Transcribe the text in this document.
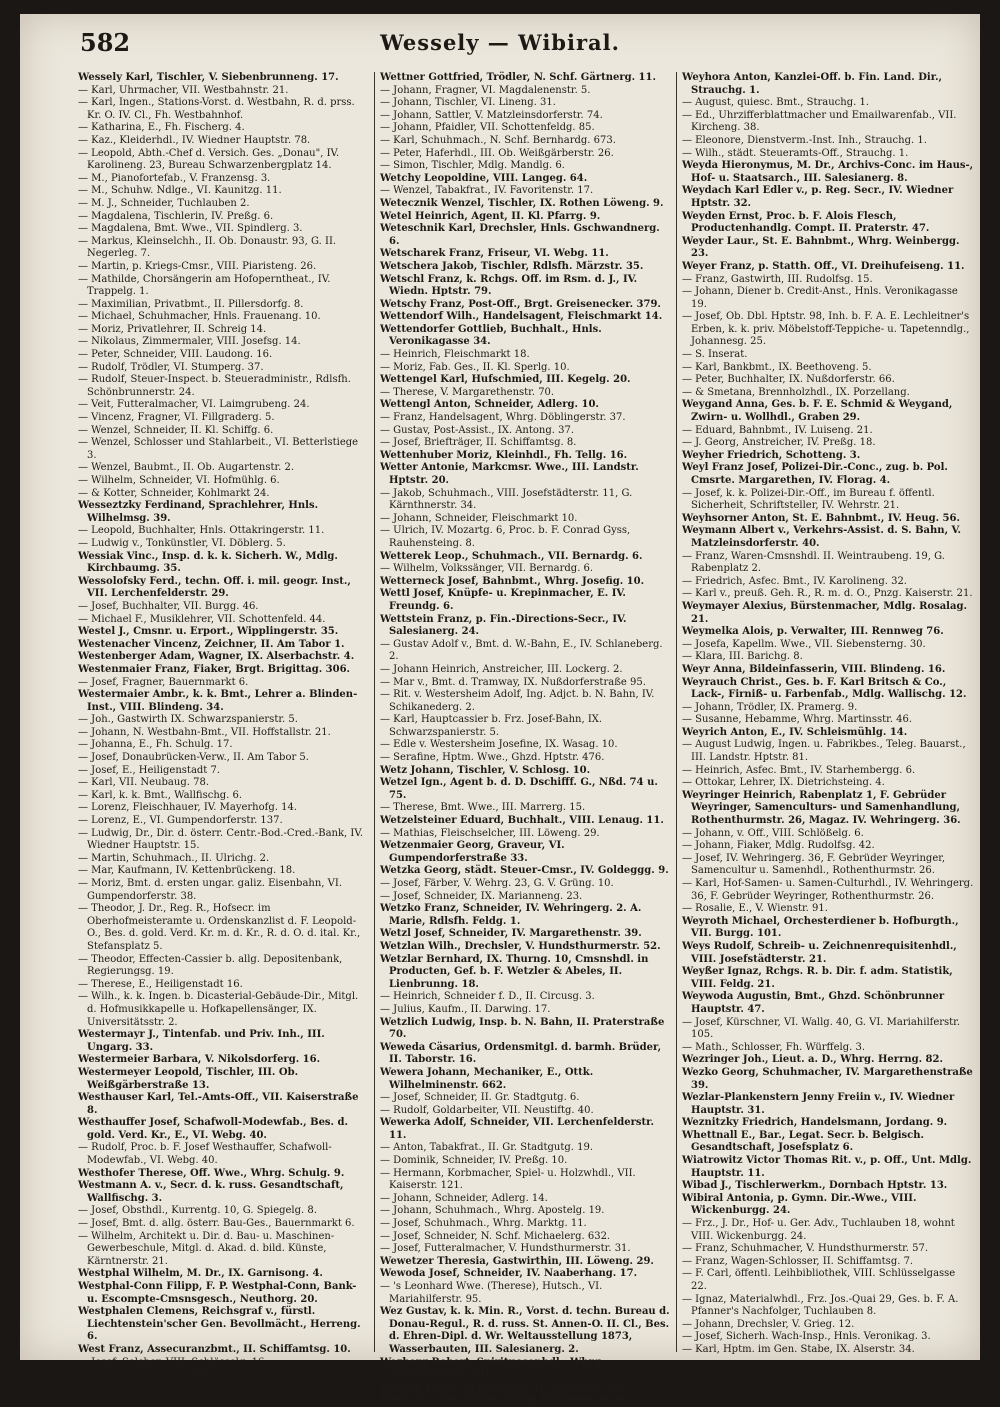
582	Wessely — Wibiral.

Wessely Karl, Tischler, V. Siebenbrunneng. 17.

— Karl, Uhrmacher, VII. Westbahnstr. 21.

— Karl, Ingen., Stations-Vorst. d. Westbahn, R. d. prss. Kr. O. IV. Cl., Fh. Westbahnhof.

— Katharina, E., Fh. Fischerg. 4.

— Kaz., Kleiderhdl., IV. Wiedner Hauptstr. 78.

— Leopold, Abth.-Chef d. Versich. Ges. „Donau", IV. Karolineng. 23, Bureau Schwarzenbergplatz 14.

— M., Pianofortefab., V. Franzensg. 3.

— M., Schuhw. Ndlge., VI. Kaunitzg. 11.

— M. J., Schneider, Tuchlauben 2.

— Magdalena, Tischlerin, IV. Preßg. 6.

— Magdalena, Bmt. Wwe., VII. Spindlerg. 3.

— Markus, Kleinselchh., II. Ob. Donaustr. 93, G. II. Negerleg. 7.

— Martin, p. Kriegs-Cmsr., VIII. Piaristeng. 26.

— Mathilde, Chorsängerin am Hofoperntheat., IV. Trappelg. 1.

— Maximilian, Privatbmt., II. Pillersdorfg. 8.

— Michael, Schuhmacher, Hnls. Frauenang. 10.

— Moriz, Privatlehrer, II. Schreig 14.

— Nikolaus, Zimmermaler, VIII. Josefsg. 14.

— Peter, Schneider, VIII. Laudong. 16.

— Rudolf, Trödler, VI. Stumperg. 37.

— Rudolf, Steuer-Inspect. b. Steueradministr., Rdlsfh. Schönbrunnerstr. 24.

— Veit, Futteralmacher, VI. Laimgrubeng. 24.

— Vincenz, Fragner, VI. Fillgraderg. 5.

— Wenzel, Schneider, II. Kl. Schiffg. 6.

— Wenzel, Schlosser und Stahlarbeit., VI. Betterlstiege 3.

— Wenzel, Baubmt., II. Ob. Augartenstr. 2.

— Wilhelm, Schneider, VI. Hofmühlg. 6.

— & Kotter, Schneider, Kohlmarkt 24.

Wesseztzky Ferdinand, Sprachlehrer, Hnls. Wilhelmsg. 39.

— Leopold, Buchhalter, Hnls. Ottakringerstr. 11.

— Ludwig v., Tonkünstler, VI. Döblerg. 5.

Wessiak Vinc., Insp. d. k. k. Sicherh. W., Mdlg. Kirchbaumg. 35.

Wessolofsky Ferd., techn. Off. i. mil. geogr. Inst., VII. Lerchenfelderstr. 29.

— Josef, Buchhalter, VII. Burgg. 46.

— Michael F., Musiklehrer, VII. Schottenfeld. 44.

Westel J., Cmsnr. u. Erport., Wipplingerstr. 35.

Westenacher Vincenz, Zeichner, II. Am Tabor 1.

Westenberger Adam, Wagner, IX. Alserbachstr. 4.

Westenmaier Franz, Fiaker, Brgt. Brigittag. 306.

— Josef, Fragner, Bauernmarkt 6.

Westermaier Ambr., k. k. Bmt., Lehrer a. Blinden-Inst., VIII. Blindeng. 34.

— Joh., Gastwirth IX. Schwarzspanierstr. 5.

— Johann, N. Westbahn-Bmt., VII. Hoffstallstr. 21.

— Johanna, E., Fh. Schulg. 17.

— Josef, Donaubrücken-Verw., II. Am Tabor 5.

— Josef, E., Heiligenstadt 7.

— Karl, VII. Neubaug. 78.

— Karl, k. k. Bmt., Wallfischg. 6.

— Lorenz, Fleischhauer, IV. Mayerhofg. 14.

— Lorenz, E., VI. Gumpendorferstr. 137.

— Ludwig, Dr., Dir. d. österr. Centr.-Bod.-Cred.-Bank, IV. Wiedner Hauptstr. 15.

— Martin, Schuhmach., II. Ulrichg. 2.

— Mar, Kaufmann, IV. Kettenbrückeng. 18.

— Moriz, Bmt. d. ersten ungar. galiz. Eisenbahn, VI. Gumpendorferstr. 38.

— Theodor, J. Dr., Reg. R., Hofsecr. im Oberhofmeisteramte u. Ordenskanzlist d. F. Leopold-O., Bes. d. gold. Verd. Kr. m. d. Kr., R. d. O. d. ital. Kr., Stefansplatz 5.

— Theodor, Effecten-Cassier b. allg. Depositenbank, Regierungsg. 19.

— Therese, E., Heiligenstadt 16.

— Wilh., k. k. Ingen. b. Dicasterial-Gebäude-Dir., Mitgl. d. Hofmusikkapelle u. Hofkapellensänger, IX. Universitätsstr. 2.

Westermayr J., Tintenfab. und Priv. Inh., III. Ungarg. 33.

Westermeier Barbara, V. Nikolsdorferg. 16.

Westermeyer Leopold, Tischler, III. Ob. Weißgärberstraße 13.

Westhauser Karl, Tel.-Amts-Off., VII. Kaiserstraße 8.

Westhauffer Josef, Schafwoll-Modewfab., Bes. d. gold. Verd. Kr., E., VI. Webg. 40.

— Rudolf, Proc. b. F. Josef Westhauffer, Schafwoll-Modewfab., VI. Webg. 40.

Westhofer Therese, Off. Wwe., Whrg. Schulg. 9.

Westmann A. v., Secr. d. k. russ. Gesandtschaft, Wallfischg. 3.

— Josef, Obsthdl., Kurrentg. 10, G. Spiegelg. 8.

— Josef, Bmt. d. allg. österr. Bau-Ges., Bauernmarkt 6.

— Wilhelm, Architekt u. Dir. d. Bau- u. Maschinen-Gewerbeschule, Mitgl. d. Akad. d. bild. Künste, Kärntnerstr. 21.

Westphal Wilhelm, M. Dr., IX. Garnisong. 4.

Westphal-Conn Filipp, F. P. Westphal-Conn, Bank- u. Escompte-Cmsnsgesch., Neuthorg. 20.

Westphalen Clemens, Reichsgraf v., fürstl. Liechtenstein'scher Gen. Bevollmächt., Herreng. 6.

West Franz, Assecuranzbmt., II. Schiffamtsg. 10.

— Josef, Selcher, VIII. Schlösselg. 16.

— Therese, E., II. Schiffamtsg. 10.

Wettner Gottfried, Trödler, N. Schf. Gärtnerg. 11.

— Johann, Fragner, VI. Magdalenenstr. 5.

— Johann, Tischler, VI. Lineng. 31.

— Johann, Sattler, V. Matzleinsdorferstr. 74.

— Johann, Pfaidler, VII. Schottenfeldg. 85.

— Karl, Schuhmach., N. Schf. Bernhardg. 673.

— Peter, Haferhdl., III. Ob. Weißgärberstr. 26.

— Simon, Tischler, Mdlg. Mandlg. 6.

Wetchy Leopoldine, VIII. Langeg. 64.

— Wenzel, Tabakfrat., IV. Favoritenstr. 17.

Wetecznik Wenzel, Tischler, IX. Rothen Löweng. 9.

Wetel Heinrich, Agent, II. Kl. Pfarrg. 9.

Weteschnik Karl, Drechsler, Hnls. Gschwandnerg. 6.

Wetscharek Franz, Friseur, VI. Webg. 11.

Wetschera Jakob, Tischler, Rdlsfh. Märzstr. 35.

Wetschl Franz, k. Rchgs. Off. im Rsm. d. J., IV. Wiedn. Hptstr. 79.

Wetschy Franz, Post-Off., Brgt. Greisenecker. 379.

Wettendorf Wilh., Handelsagent, Fleischmarkt 14.

Wettendorfer Gottlieb, Buchhalt., Hnls. Veronikagasse 34.

— Heinrich, Fleischmarkt 18.

— Moriz, Fab. Ges., II. Kl. Sperlg. 10.

Wettengel Karl, Hufschmied, III. Kegelg. 20.

— Therese, V. Margarethenstr. 70.

Wettengl Anton, Schneider, Adlerg. 10.

— Franz, Handelsagent, Whrg. Döblingerstr. 37.

— Gustav, Post-Assist., IX. Antong. 37.

— Josef, Briefträger, II. Schiffamtsg. 8.

Wettenhuber Moriz, Kleinhdl., Fh. Tellg. 16.

Wetter Antonie, Markcmsr. Wwe., III. Landstr. Hptstr. 20.

— Jakob, Schuhmach., VIII. Josefstädterstr. 11, G. Kärnthnerstr. 34.

— Johann, Schneider, Fleischmarkt 10.

— Ulrich, IV. Mozartg. 6, Proc. b. F. Conrad Gyss, Rauhensteing. 8.

Wetterek Leop., Schuhmach., VII. Bernardg. 6.

— Wilhelm, Volkssänger, VII. Bernardg. 6.

Wetterneck Josef, Bahnbmt., Whrg. Josefig. 10.

Wettl Josef, Knüpfe- u. Krepinmacher, E. IV. Freundg. 6.

Wettstein Franz, p. Fin.-Directions-Secr., IV. Salesianerg. 24.

— Gustav Adolf v., Bmt. d. W.-Bahn, E., IV. Schlaneberg. 2.

— Johann Heinrich, Anstreicher, III. Lockerg. 2.

— Mar v., Bmt. d. Tramway, IX. Nußdorferstraße 95.

— Rit. v. Westersheim Adolf, Ing. Adjct. b. N. Bahn, IV. Schikanederg. 2.

— Karl, Hauptcassier b. Frz. Josef-Bahn, IX. Schwarzspanierstr. 5.

— Edle v. Westersheim Josefine, IX. Wasag. 10.

— Serafine, Hptm. Wwe., Ghzd. Hptstr. 476.

Wetz Johann, Tischler, V. Schlosg. 10.

Wetzel Ign., Agent b. d. D. Dschifff. G., Nßd. 74 u. 75.

— Therese, Bmt. Wwe., III. Marrerg. 15.

Wetzelsteiner Eduard, Buchhalt., VIII. Lenaug. 11.

— Mathias, Fleischselcher, III. Löweng. 29.

Wetzenmaier Georg, Graveur, VI. Gumpendorferstraße 33.

Wetzka Georg, städt. Steuer-Cmsr., IV. Goldeggg. 9.

— Josef, Färber, V. Wehrg. 23, G. V. Grüng. 10.

— Josef, Schneider, IX. Marianneng. 23.

Wetzko Franz, Schneider, IV. Wehringerg. 2. A. Marie, Rdlsfh. Feldg. 1.

Wetzl Josef, Schneider, IV. Margarethenstr. 39.

Wetzlan Wilh., Drechsler, V. Hundsthurmerstr. 52.

Wetzlar Bernhard, IX. Thurng. 10, Cmsnshdl. in Producten, Gef. b. F. Wetzler & Abeles, II. Lienbrunng. 18.

— Heinrich, Schneider f. D., II. Circusg. 3.

— Julius, Kaufm., II. Darwing. 17.

Wetzlich Ludwig, Insp. b. N. Bahn, II. Praterstraße 70.

Weweda Cäsarius, Ordensmitgl. d. barmh. Brüder, II. Taborstr. 16.

Wewera Johann, Mechaniker, E., Ottk. Wilhelminenstr. 662.

— Josef, Schneider, II. Gr. Stadtgutg. 6.

— Rudolf, Goldarbeiter, VII. Neustiftg. 40.

Wewerka Adolf, Schneider, VII. Lerchenfelderstr. 11.

— Anton, Tabakfrat., II. Gr. Stadtgutg. 19.

— Dominik, Schneider, IV. Preßg. 10.

— Hermann, Korbmacher, Spiel- u. Holzwhdl., VII. Kaiserstr. 121.

— Johann, Schneider, Adlerg. 14.

— Johann, Schuhmach., Whrg. Apostelg. 19.

— Josef, Schuhmach., Whrg. Marktg. 11.

— Josef, Schneider, N. Schf. Michaelerg. 632.

— Josef, Futteralmacher, V. Hundsthurmerstr. 31.

Wewetzer Theresia, Gastwirthin, III. Löweng. 29.

Wewoda Josef, Schneider, IV. Naaberhang. 17.

— 's Leonhard Wwe. (Therese), Hutsch., VI. Mariahilferstr. 95.

Wez Gustav, k. k. Min. R., Vorst. d. techn. Bureau d. Donau-Regul., R. d. russ. St. Annen-O. II. Cl., Bes. d. Ehren-Dipl. d. Wr. Weltausstellung 1873, Wasserbauten, III. Salesianerg. 2.

Wezberg Robert, Spirituosenhdl., Whrg. Martinsstraße 21.

Weyder Franz, Schneider f. D., Wollzeile 30.

Weyand Julius, Maler, Mdlg. Wilhelmsstr. 64.

Weyhora Anton, Kanzlei-Off. b. Fin. Land. Dir., Strauchg. 1.

— August, quiesc. Bmt., Strauchg. 1.

— Ed., Uhrzifferblattmacher und Emailwarenfab., VII. Kircheng. 38.

— Eleonore, Dienstverm.-Inst. Inh., Strauchg. 1.

— Wilh., städt. Steueramts-Off., Strauchg. 1.

Weyda Hieronymus, M. Dr., Archivs-Conc. im Haus-, Hof- u. Staatsarch., III. Salesianerg. 8.

Weydach Karl Edler v., p. Reg. Secr., IV. Wiedner Hptstr. 32.

Weyden Ernst, Proc. b. F. Alois Flesch, Productenhandlg. Compt. II. Praterstr. 47.

Weyder Laur., St. E. Bahnbmt., Whrg. Weinbergg. 23.

Weyer Franz, p. Statth. Off., VI. Dreihufeiseng. 11.

— Franz, Gastwirth, III. Rudolfsg. 15.

— Johann, Diener b. Credit-Anst., Hnls. Veronikagasse 19.

— Josef, Ob. Dbl. Hptstr. 98, Inh. b. F. A. E. Lechleitner's Erben, k. k. priv. Möbelstoff-Teppiche- u. Tapetenndlg., Johannesg. 25.

— S. Inserat.

— Karl, Bankbmt., IX. Beethoveng. 5.

— Peter, Buchhalter, IX. Nußdorferstr. 66.

— & Smetana, Brennholzhdl., IX. Porzellang.

Weygand Anna, Ges. b. F. E. Schmid & Weygand, Zwirn- u. Wollhdl., Graben 29.

— Eduard, Bahnbmt., IV. Luiseng. 21.

— J. Georg, Anstreicher, IV. Preßg. 18.

Weyher Friedrich, Schotteng. 3.

Weyl Franz Josef, Polizei-Dir.-Conc., zug. b. Pol. Cmsrte. Margarethen, IV. Florag. 4.

— Josef, k. k. Polizei-Dir.-Off., im Bureau f. öffentl. Sicherheit, Schriftsteller, IV. Wehrstr. 21.

Weyhsorner Anton, St. E. Bahnbmt., IV. Heug. 56.

Weymann Albert v., Verkehrs-Assist. d. S. Bahn, V. Matzleinsdorferstr. 40.

— Franz, Waren-Cmsnshdl. II. Weintraubeng. 19, G. Rabenplatz 2.

— Friedrich, Asfec. Bmt., IV. Karolineng. 32.

— Karl v., preuß. Geh. R., R. m. d. O., Pnzg. Kaiserstr. 21.

Weymayer Alexius, Bürstenmacher, Mdlg. Rosalag. 21.

Weymelka Alois, p. Verwalter, III. Rennweg 76.

— Josefa, Kapellm. Wwe., VII. Siebensterng. 30.

— Klara, III. Barichg. 8.

Weyr Anna, Bildeinfasserin, VIII. Blindeng. 16.

Weyrauch Christ., Ges. b. F. Karl Britsch & Co., Lack-, Firniß- u. Farbenfab., Mdlg. Wallischg. 12.

— Johann, Trödler, IX. Pramerg. 9.

— Susanne, Hebamme, Whrg. Martinsstr. 46.

Weyrich Anton, E., IV. Schleismühlg. 14.

— August Ludwig, Ingen. u. Fabrikbes., Teleg. Bauarst., III. Landstr. Hptstr. 81.

— Heinrich, Asfec. Bmt., IV. Starhembergg. 6.

— Ottokar, Lehrer, IX. Dietrichsteing. 4.

Weyringer Heinrich, Rabenplatz 1, F. Gebrüder Weyringer, Samenculturs- und Samenhandlung, Rothenthurmstr. 26, Magaz. IV. Wehringerg. 36.

— Johann, v. Off., VIII. Schlößelg. 6.

— Johann, Fiaker, Mdlg. Rudolfsg. 42.

— Josef, IV. Wehringerg. 36, F. Gebrüder Weyringer, Samencultur u. Samenhdl., Rothenthurmstr. 26.

— Karl, Hof-Samen- u. Samen-Culturhdl., IV. Wehringerg. 36, F. Gebrüder Weyringer, Rothenthurmstr. 26.

— Rosalie, E., V. Wienstr. 91.

Weyroth Michael, Orchesterdiener b. Hofburgth., VII. Burgg. 101.

Weys Rudolf, Schreib- u. Zeichnenrequisitenhdl., VIII. Josefstädterstr. 21.

Weyßer Ignaz, Rchgs. R. b. Dir. f. adm. Statistik, VIII. Feldg. 21.

Weywoda Augustin, Bmt., Ghzd. Schönbrunner Hauptstr. 47.

— Josef, Kürschner, VI. Wallg. 40, G. VI. Mariahilferstr. 105.

— Math., Schlosser, Fh. Würffelg. 3.

Wezringer Joh., Lieut. a. D., Whrg. Herrng. 82.

Wezko Georg, Schuhmacher, IV. Margarethenstraße 39.

Wezlar-Plankenstern Jenny Freiin v., IV. Wiedner Hauptstr. 31.

Weznitzky Friedrich, Handelsmann, Jordang. 9.

Whettnall E., Bar., Legat. Secr. b. Belgisch. Gesandtschaft, Josefsplatz 6.

Wiatrowitz Victor Thomas Rit. v., p. Off., Unt. Mdlg. Hauptstr. 11.

Wibad J., Tischlerwerkm., Dornbach Hptstr. 13.

Wibiral Antonia, p. Gymn. Dir.-Wwe., VIII. Wickenburgg. 24.

— Frz., J. Dr., Hof- u. Ger. Adv., Tuchlauben 18, wohnt VIII. Wickenburgg. 24.

— Franz, Schuhmacher, V. Hundsthurmerstr. 57.

— Franz, Wagen-Schlosser, II. Schiffamtsg. 7.

— F. Carl, öffentl. Leihbibliothek, VIII. Schlüsselgasse 22.

— Ignaz, Materialwhdl., Frz. Jos.-Quai 29, Ges. b. F. A. Pfanner's Nachfolger, Tuchlauben 8.

— Johann, Drechsler, V. Grieg. 12.

— Josef, Sicherh. Wach-Insp., Hnls. Veronikag. 3.

— Karl, Hptm. im Gen. Stabe, IX. Alserstr. 34.
